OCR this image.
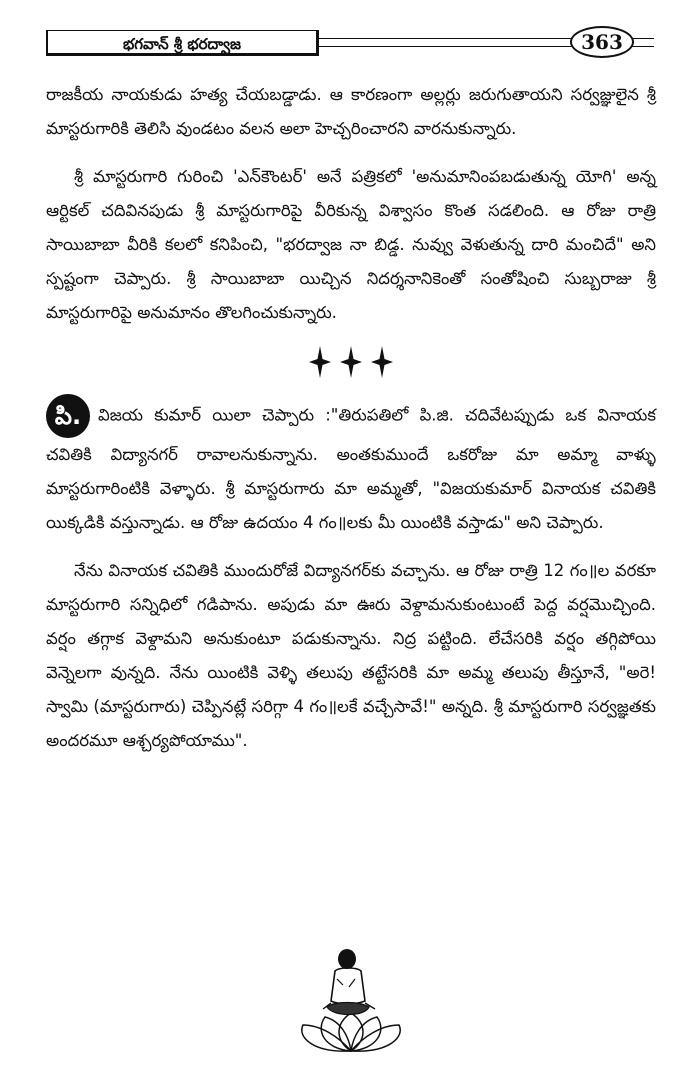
భగవాన్ శ్రీ భరద్వాజ	363

రాజకీయ నాయకుడు హత్య చేయబడ్డాడు. ఆ కారణంగా అల్లర్లు జరుగుతాయని సర్వజ్ఞులైన శ్రీ మాస్టరుగారికి తెలిసి వుండటం వలన అలా హెచ్చరించారని వారనుకున్నారు.

శ్రీ మాస్టరుగారి గురించి 'ఎన్‌కౌంటర్' అనే పత్రికలో 'అనుమానింపబడుతున్న యోగి' అన్న ఆర్టికల్ చదివినపుడు శ్రీ మాస్టరుగారిపై వీరికున్న విశ్వాసం కొంత సడలింది. ఆ రోజు రాత్రి సాయిబాబా వీరికి కలలో కనిపించి, "భరద్వాజ నా బిడ్డ. నువ్వు వెళుతున్న దారి మంచిదే" అని స్పష్టంగా చెప్పారు. శ్రీ సాయిబాబా యిచ్చిన నిదర్శనానికెంతో సంతోషించి సుబ్బరాజు శ్రీ మాస్టరుగారిపై అనుమానం తొలగించుకున్నారు.

పి. విజయ కుమార్ యిలా చెప్పారు :"తిరుపతిలో పి.జి. చదివేటప్పుడు ఒక వినాయక చవితికి విద్యానగర్ రావాలనుకున్నాను. అంతకుముందే ఒకరోజు మా అమ్మా వాళ్ళు మాస్టరుగారింటికి వెళ్ళారు. శ్రీ మాస్టరుగారు మా అమ్మతో, "విజయకుమార్ వినాయక చవితికి యిక్కడికి వస్తున్నాడు. ఆ రోజు ఉదయం 4 గం॥లకు మీ యింటికి వస్తాడు" అని చెప్పారు.

నేను వినాయక చవితికి ముందురోజే విద్యానగర్‌కు వచ్చాను. ఆ రోజు రాత్రి 12 గం॥ల వరకూ మాస్టరుగారి సన్నిధిలో గడిపాను. అపుడు మా ఊరు వెళ్దామనుకుంటుంటే పెద్ద వర్షమొచ్చింది. వర్షం తగ్గాక వెళ్దామని అనుకుంటూ పడుకున్నాను. నిద్ర పట్టింది. లేచేసరికి వర్షం తగ్గిపోయి వెన్నెలగా వున్నది. నేను యింటికి వెళ్ళి తలుపు తట్టేసరికి మా అమ్మ తలుపు తీస్తూనే, "అరె! స్వామి (మాస్టరుగారు) చెప్పినట్లే సరిగ్గా 4 గం॥లకే వచ్చేసావే!" అన్నది. శ్రీ మాస్టరుగారి సర్వజ్ఞతకు అందరమూ ఆశ్చర్యపోయాము".
